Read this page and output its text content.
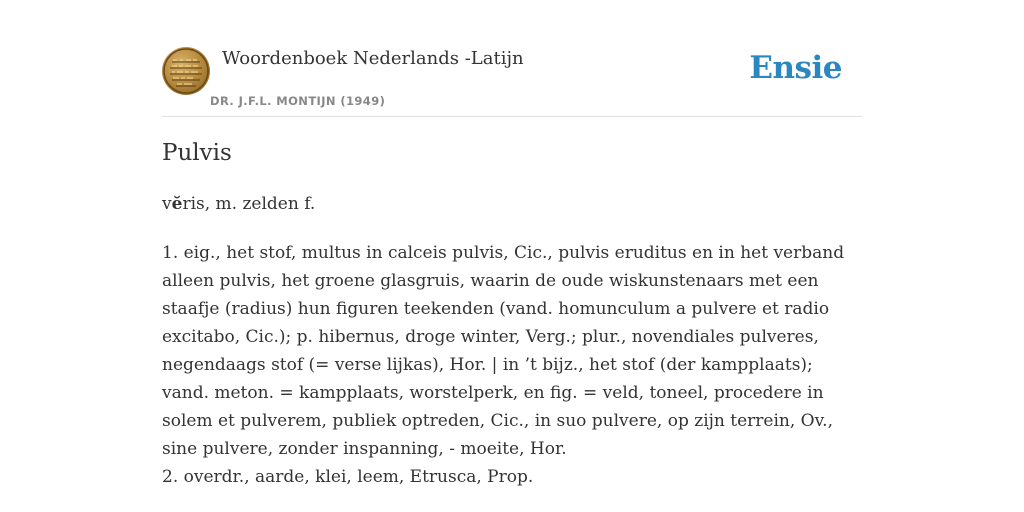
Woordenboek Nederlands -Latijn
DR. J.F.L. MONTIJN (1949)
Ensie
Pulvis
vĕris, m. zelden f.

1. eig., het stof, multus in calceis pulvis, Cic., pulvis eruditus en in het verband alleen pulvis, het groene glasgruis, waarin de oude wiskunstenaars met een staafje (radius) hun figuren teekenden (vand. homunculum a pulvere et radio excitabo, Cic.); p. hibernus, droge winter, Verg.; plur., novendiales pulveres, negendaags stof (= verse lijkas), Hor. | in ’t bijz., het stof (der kampplaats); vand. meton. = kampplaats, worstelperk, en fig. = veld, toneel, procedere in solem et pulverem, publiek optreden, Cic., in suo pulvere, op zijn terrein, Ov., sine pulvere, zonder inspanning, - moeite, Hor.

2. overdr., aarde, klei, leem, Etrusca, Prop.
